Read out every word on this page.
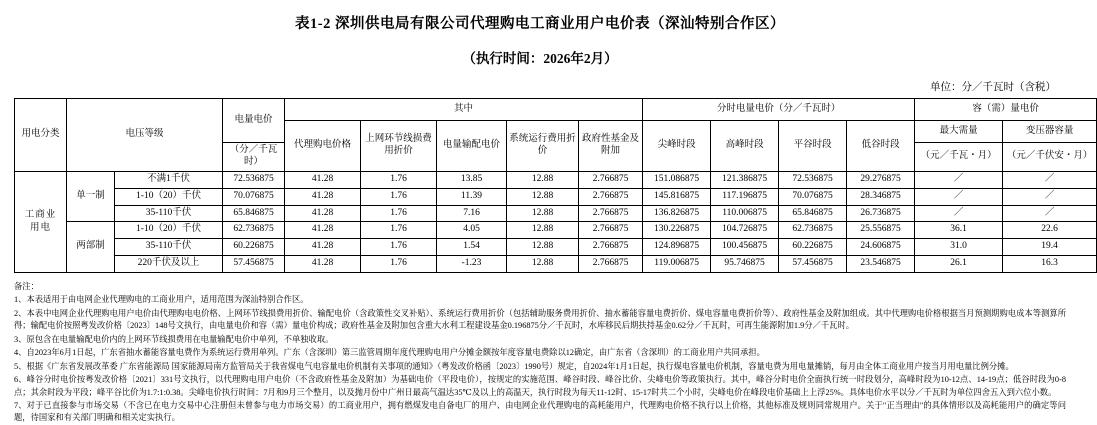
表1-2 深圳供电局有限公司代理购电工商业用户电价表（深汕特别合作区）
（执行时间：2026年2月）
单位：分／千瓦时（含税）
用电分类	电压等级		电量电价	其中					分时电量电价（分／千瓦时）				容（需）量电价	
				代理购电价格	上网环节线损费用折价	电量输配电价	系统运行费用折价	政府性基金及附加	尖峰时段	高峰时段	平谷时段	低谷时段	最大需量	变压器容量
			（分／千瓦时）										（元／千瓦・月）	（元／千伏安・月）
工商业
用电	单一制	不满1千伏	72.536875	41.28	1.76	13.85	12.88	2.766875	151.086875	121.386875	72.536875	29.276875	／	／
		1-10（20）千伏	70.076875	41.28	1.76	11.39	12.88	2.766875	145.816875	117.196875	70.076875	28.346875	／	／
		35-110千伏	65.846875	41.28	1.76	7.16	12.88	2.766875	136.826875	110.006875	65.846875	26.736875	／	／
	两部制	1-10（20）千伏	62.736875	41.28	1.76	4.05	12.88	2.766875	130.226875	104.726875	62.736875	25.556875	36.1	22.6
		35-110千伏	60.226875	41.28	1.76	1.54	12.88	2.766875	124.896875	100.456875	60.226875	24.606875	31.0	19.4
		220千伏及以上	57.456875	41.28	1.76	-1.23	12.88	2.766875	119.006875	95.746875	57.456875	23.546875	26.1	16.3
备注：
1、本表适用于由电网企业代理购电的工商业用户，适用范围为深汕特别合作区。
2、本表中电网企业代理购电用户电价由代理购电电价格、上网环节线损费用折价、输配电价（含政策性交叉补贴）、系统运行费用折价（包括辅助服务费用折价、抽水蓄能容量电费折价、煤电容量电费折价等）、政府性基金及附加组成。其中代理购电价格根据当月预测期购电成本等测算所得；输配电价按照粤发改价格〔2023〕148号文执行，由电量电价和容（需）量电价构成；政府性基金及附加包含重大水利工程建设基金0.196875分／千瓦时，水库移民后期扶持基金0.62分／千瓦时，可再生能源附加1.9分／千瓦时。
3、原包含在电量输配电价内的上网环节线损费用在电量输配电价中单列，不单独收取。
4、自2023年6月1日起，广东省抽水蓄能容量电费作为系统运行费用单列。广东（含深圳）第三监管周期年度代理购电用户分摊金额按年度容量电费除以12确定，由广东省（含深圳）的工商业用户共同承担。
5、根据《广东省发展改革委 广东省能源局 国家能源局南方监管局关于我省煤电气电容量电价机制有关事项的通知》（粤发改价格函〔2023〕1990号）规定，自2024年1月1日起，执行煤电容量电价机制，容量电费为用电量摊销，每月由全体工商业用户按当月用电量比例分摊。
6、峰谷分时电价按粤发改价格〔2021〕331号文执行，以代理购电用户电价（不含政府性基金及附加）为基础电价（平段电价），按规定的实施范围、峰谷时段、峰谷比价、尖峰电价等政策执行。其中，峰谷分时电价全面执行统一时段划分，高峰时段为10-12点、14-19点；低谷时段为0-8点；其余时段为平段；峰平谷比价为1.7:1:0.38。尖峰电价执行时间：7月和9月三个整月，以及抛月份中广州日最高气温达35℃及以上的高温天，执行时段为每天11-12时、15-17时共二个小时，尖峰电价在峰段电价基础上上浮25%。具体电价水平以分／千瓦时为单位四舍五入到六位小数。
7、对于已直接参与市场交易（不含已在电力交易中心注册但未曾参与电力市场交易）的工商业用户，拥有燃煤发电自备电厂的用户、由电网企业代理购电的高耗能用户，代理购电价格不执行以上价格，其他标准及规则同常规用户。关于"正当理由"的具体情形以及高耗能用户的确定等问题，待国家和有关部门明确和相关定实执行。
